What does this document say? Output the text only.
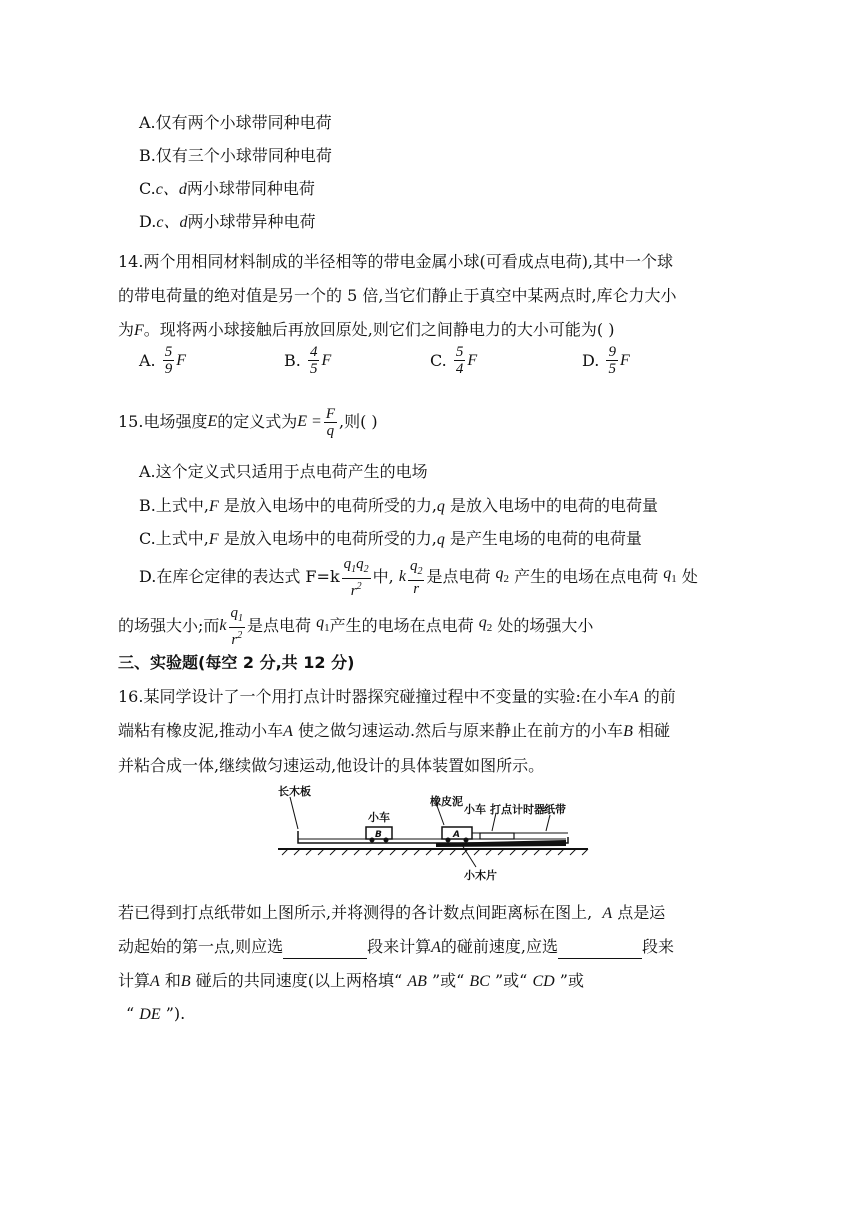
A.仅有两个小球带同种电荷
B.仅有三个小球带同种电荷
C.c、d两小球带同种电荷
D.c、d两小球带异种电荷
14.两个用相同材料制成的半径相等的带电金属小球(可看成点电荷),其中一个球
的带电荷量的绝对值是另一个的 5 倍,当它们静止于真空中某两点时,库仑力大小
为F。现将两小球接触后再放回原处,则它们之间静电力的大小可能为( )
A.
$\frac{5}{9}$ F	B.
$\frac{4}{5}$ F	C.
$\frac{5}{4}$ F	D.
$\frac{9}{5}$ F
15.电场强度 E 的定义式为 $E = \frac{F}{q}$ ,则( )
A.这个定义式只适用于点电荷产生的电场
B.上式中,F 是放入电场中的电荷所受的力,q 是放入电场中的电荷的电荷量
C.上式中,F 是放入电场中的电荷所受的力,q 是产生电场的电荷的电荷量
D.在库仑定律的表达式 $F=k \frac{q_1q_2}{r^2}$ 中,
k $\frac{q_2}{r}$ 是点电荷
$q_2$
产生的电场在点电荷
$q_1$
处
的场强大小;而 k $\frac{q_1}{r^2}$ 是点电荷
$q_1$ 产生的电场在点电荷
$q_2$
处的场强大小
三、实验题(每空 2 分,共 12 分)
16.某同学设计了一个用打点计时器探究碰撞过程中不变量的实验:在小车A 的前
端粘有橡皮泥,推动小车A 使之做匀速运动.然后与原来静止在前方的小车B 相碰
并粘合成一体,继续做匀速运动,他设计的具体装置如图所示。
长木板
小车
橡皮泥
小车 打点计时器 纸带
小木片
B	A
若已得到打点纸带如上图所示,并将测得的各计数点间距离标在图上, A 点是运
动起始的第一点,则应选	段来计算A的碰前速度,应选	段来
计算A 和B 碰后的共同速度(以上两格填“ AB ”或“ BC ”或“ CD ”或
“ DE ”).
